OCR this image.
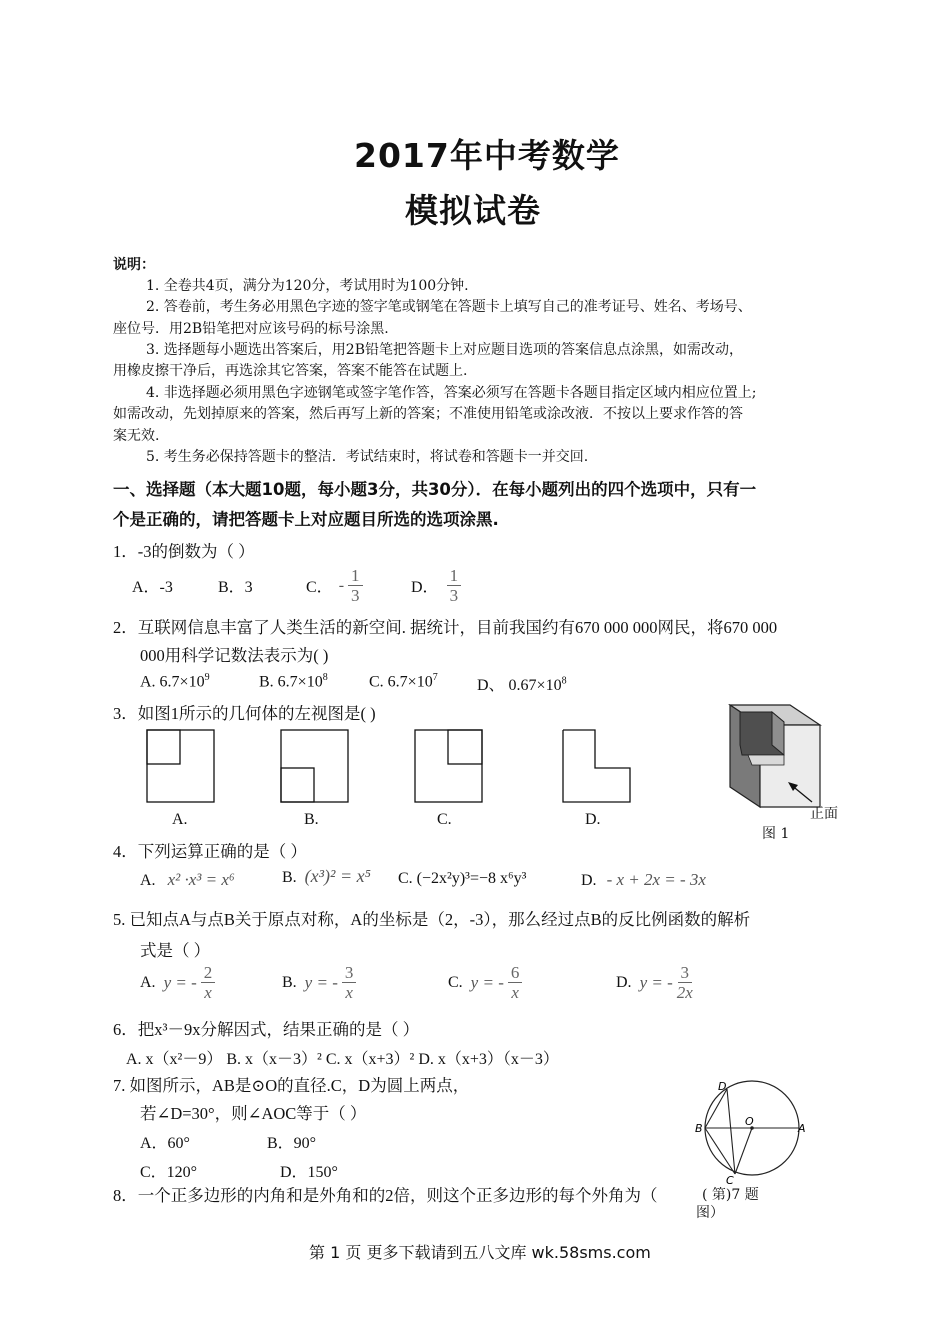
2017年中考数学
模拟试卷
说明：
1. 全卷共4页，满分为120分，考试用时为100分钟.
2. 答卷前，考生务必用黑色字迹的签字笔或钢笔在答题卡上填写自己的准考证号、姓名、考场号、
座位号．用2B铅笔把对应该号码的标号涂黑.
3. 选择题每小题选出答案后，用2B铅笔把答题卡上对应题目选项的答案信息点涂黑，如需改动，
用橡皮擦干净后，再选涂其它答案，答案不能答在试题上.
4. 非选择题必须用黑色字迹钢笔或签字笔作答，答案必须写在答题卡各题目指定区域内相应位置上;
如需改动，先划掉原来的答案，然后再写上新的答案；不准使用铅笔或涂改液．不按以上要求作答的答
案无效.
5. 考生务必保持答题卡的整洁．考试结束时，将试卷和答题卡一并交回.
一、选择题（本大题10题，每小题3分，共30分）．在每小题列出的四个选项中，只有一
个是正确的，请把答题卡上对应题目所选的选项涂黑.
1．-3的倒数为（ ）
A．-3	B．3	C． - $\frac{1}{3}$	D． $\frac{1}{3}$
2．互联网信息丰富了人类生活的新空间. 据统计，目前我国约有670 000 000网民，将670 000
000用科学记数法表示为( )
A. $6.7\times 10^9$	B. $6.7\times 10^8$	C. $6.7\times 10^7$ D、 $0.67\times 10^8$
3．如图1所示的几何体的左视图是( )
A.	B.	C.	D.	正面
图 1
4．下列运算正确的是（ ）
A. x² ·x³ = x⁶	B. (x³)² = x⁵ C. (−2x²y)³=−8 x⁶y³	D. - x + 2x = - 3x
5. 已知点A与点B关于原点对称，A的坐标是（2，-3），那么经过点B的反比例函数的解析
式是（ ）
A. y = - $\frac{2}{x}$	B. y = - $\frac{3}{x}$	C. y = - $\frac{6}{x}$	D. y = - $\frac{3}{2x}$
6．把x³－9x分解因式，结果正确的是（ ）
A. x（x²－9） B. x（x－3）² C. x（x+3）² D. x（x+3）（x－3）
7. 如图所示，AB是⊙O的直径.C，D为圆上两点，
若∠D=30°，则∠AOC等于（ ）
A．60°	B．90°
C．120°	D．150°
D
B
O
A
C
( 第)7 题
图）
8．一个正多边形的内角和是外角和的2倍，则这个正多边形的每个外角为（
第 1 页 更多下载请到五八文库 wk.58sms.com
